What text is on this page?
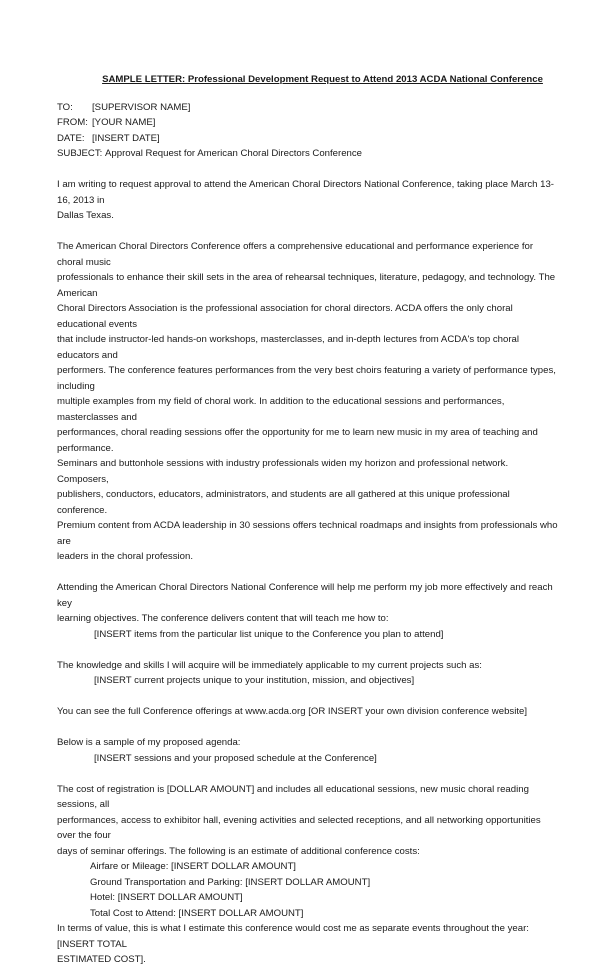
SAMPLE LETTER: Professional Development Request to Attend 2013 ACDA National Conference

TO: [SUPERVISOR NAME]
FROM: [YOUR NAME]
DATE: [INSERT DATE]
SUBJECT: Approval Request for American Choral Directors Conference
I am writing to request approval to attend the American Choral Directors National Conference, taking place March 13-16, 2013 in
Dallas Texas.
The American Choral Directors Conference offers a comprehensive educational and performance experience for choral music
professionals to enhance their skill sets in the area of rehearsal techniques, literature, pedagogy, and technology. The American
Choral Directors Association is the professional association for choral directors. ACDA offers the only choral educational events
that include instructor-led hands-on workshops, masterclasses, and in-depth lectures from ACDA's top choral educators and
performers. The conference features performances from the very best choirs featuring a variety of performance types, including
multiple examples from my field of choral work. In addition to the educational sessions and performances, masterclasses and
performances, choral reading sessions offer the opportunity for me to learn new music in my area of teaching and performance.
Seminars and buttonhole sessions with industry professionals widen my horizon and professional network. Composers,
publishers, conductors, educators, administrators, and students are all gathered at this unique professional conference.
Premium content from ACDA leadership in 30 sessions offers technical roadmaps and insights from professionals who are
leaders in the choral profession.
Attending the American Choral Directors National Conference will help me perform my job more effectively and reach key
learning objectives. The conference delivers content that will teach me how to:
[INSERT items from the particular list unique to the Conference you plan to attend]
The knowledge and skills I will acquire will be immediately applicable to my current projects such as:
[INSERT current projects unique to your institution, mission, and objectives]
You can see the full Conference offerings at www.acda.org [OR INSERT your own division conference website]
Below is a sample of my proposed agenda:
[INSERT sessions and your proposed schedule at the Conference]
The cost of registration is [DOLLAR AMOUNT] and includes all educational sessions, new music choral reading sessions, all
performances, access to exhibitor hall, evening activities and selected receptions, and all networking opportunities over the four
days of seminar offerings. The following is an estimate of additional conference costs:
Airfare or Mileage: [INSERT DOLLAR AMOUNT]
Ground Transportation and Parking: [INSERT DOLLAR AMOUNT]
Hotel: [INSERT DOLLAR AMOUNT]
Total Cost to Attend: [INSERT DOLLAR AMOUNT]
In terms of value, this is what I estimate this conference would cost me as separate events throughout the year: [INSERT TOTAL
ESTIMATED COST].
